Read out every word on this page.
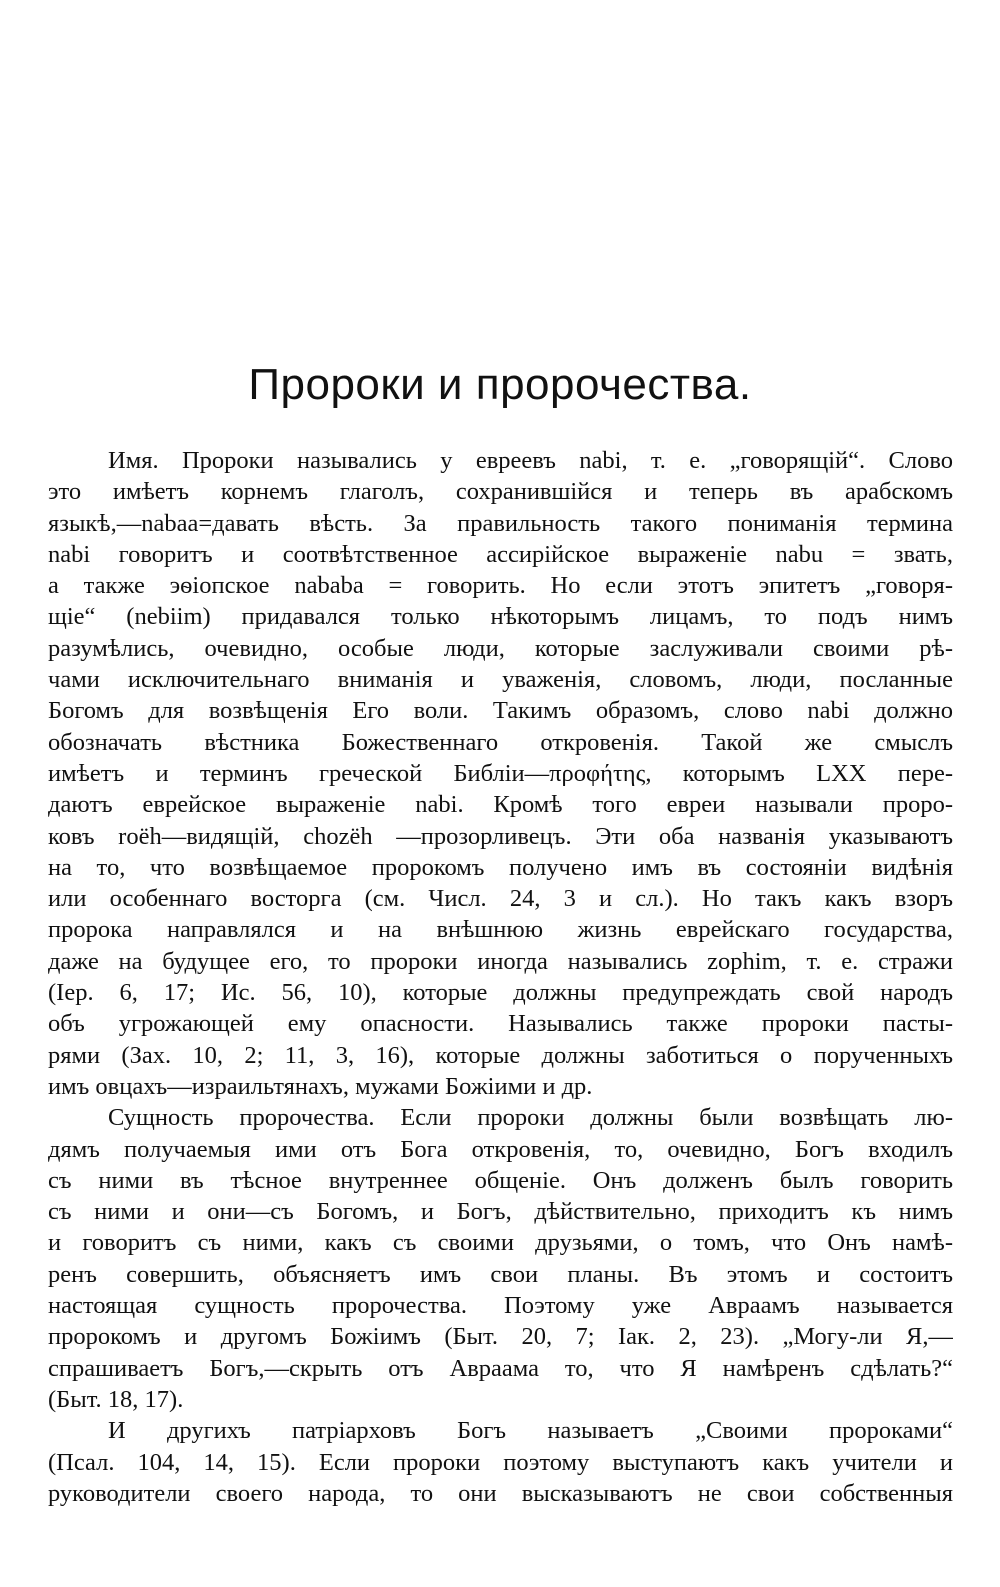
Пророки и пророчества.
Имя. Пророки назывались у евреевъ nabi, т. е. „говорящій“. Слово
это имѣетъ корнемъ глаголъ, сохранившійся и теперь въ арабскомъ
языкѣ,—nabaa=давать вѣсть. За правильность такого пониманія термина
nabi говоритъ и соотвѣтственное ассирійское выраженіе nabu = звать,
а также эѳіопское nababa = говорить. Но если этотъ эпитетъ „говоря-
щіе“ (nebiim) придавался только нѣкоторымъ лицамъ, то подъ нимъ
разумѣлись, очевидно, особые люди, которые заслуживали своими рѣ-
чами исключительнаго вниманія и уваженія, словомъ, люди, посланные
Богомъ для возвѣщенія Его воли. Такимъ образомъ, слово nabi должно
обозначать вѣстника Божественнаго откровенія. Такой же смыслъ
имѣетъ и терминъ греческой Библіи—προφήτης, которымъ LXX пере-
даютъ еврейское выраженіе nabi. Кромѣ того евреи называли проро-
ковъ roëh—видящій, chozëh —прозорливецъ. Эти оба названія указываютъ
на то, что возвѣщаемое пророкомъ получено имъ въ состояніи видѣнія
или особеннаго восторга (см. Числ. 24, 3 и сл.). Но такъ какъ взоръ
пророка направлялся и на внѣшнюю жизнь еврейскаго государства,
даже на будущее его, то пророки иногда назывались zophim, т. е. стражи
(Іер. 6, 17; Ис. 56, 10), которые должны предупреждать свой народъ
объ угрожающей ему опасности. Назывались также пророки пасты-
рями (Зах. 10, 2; 11, 3, 16), которые должны заботиться о порученныхъ
имъ овцахъ—израильтянахъ, мужами Божіими и др.
Сущность пророчества. Если пророки должны были возвѣщать лю-
дямъ получаемыя ими отъ Бога откровенія, то, очевидно, Богъ входилъ
съ ними въ тѣсное внутреннее общеніе. Онъ долженъ былъ говорить
съ ними и они—съ Богомъ, и Богъ, дѣйствительно, приходитъ къ нимъ
и говоритъ съ ними, какъ съ своими друзьями, о томъ, что Онъ намѣ-
ренъ совершить, объясняетъ имъ свои планы. Въ этомъ и состоитъ
настоящая сущность пророчества. Поэтому уже Авраамъ называется
пророкомъ и другомъ Божіимъ (Быт. 20, 7; Іак. 2, 23). „Могу-ли Я,—
спрашиваетъ Богъ,—скрыть отъ Авраама то, что Я намѣренъ сдѣлать?“
(Быт. 18, 17).
И другихъ патріарховъ Богъ называетъ „Своими пророками“
(Псал. 104, 14, 15). Если пророки поэтому выступаютъ какъ учители и
руководители своего народа, то они высказываютъ не свои собственныя
